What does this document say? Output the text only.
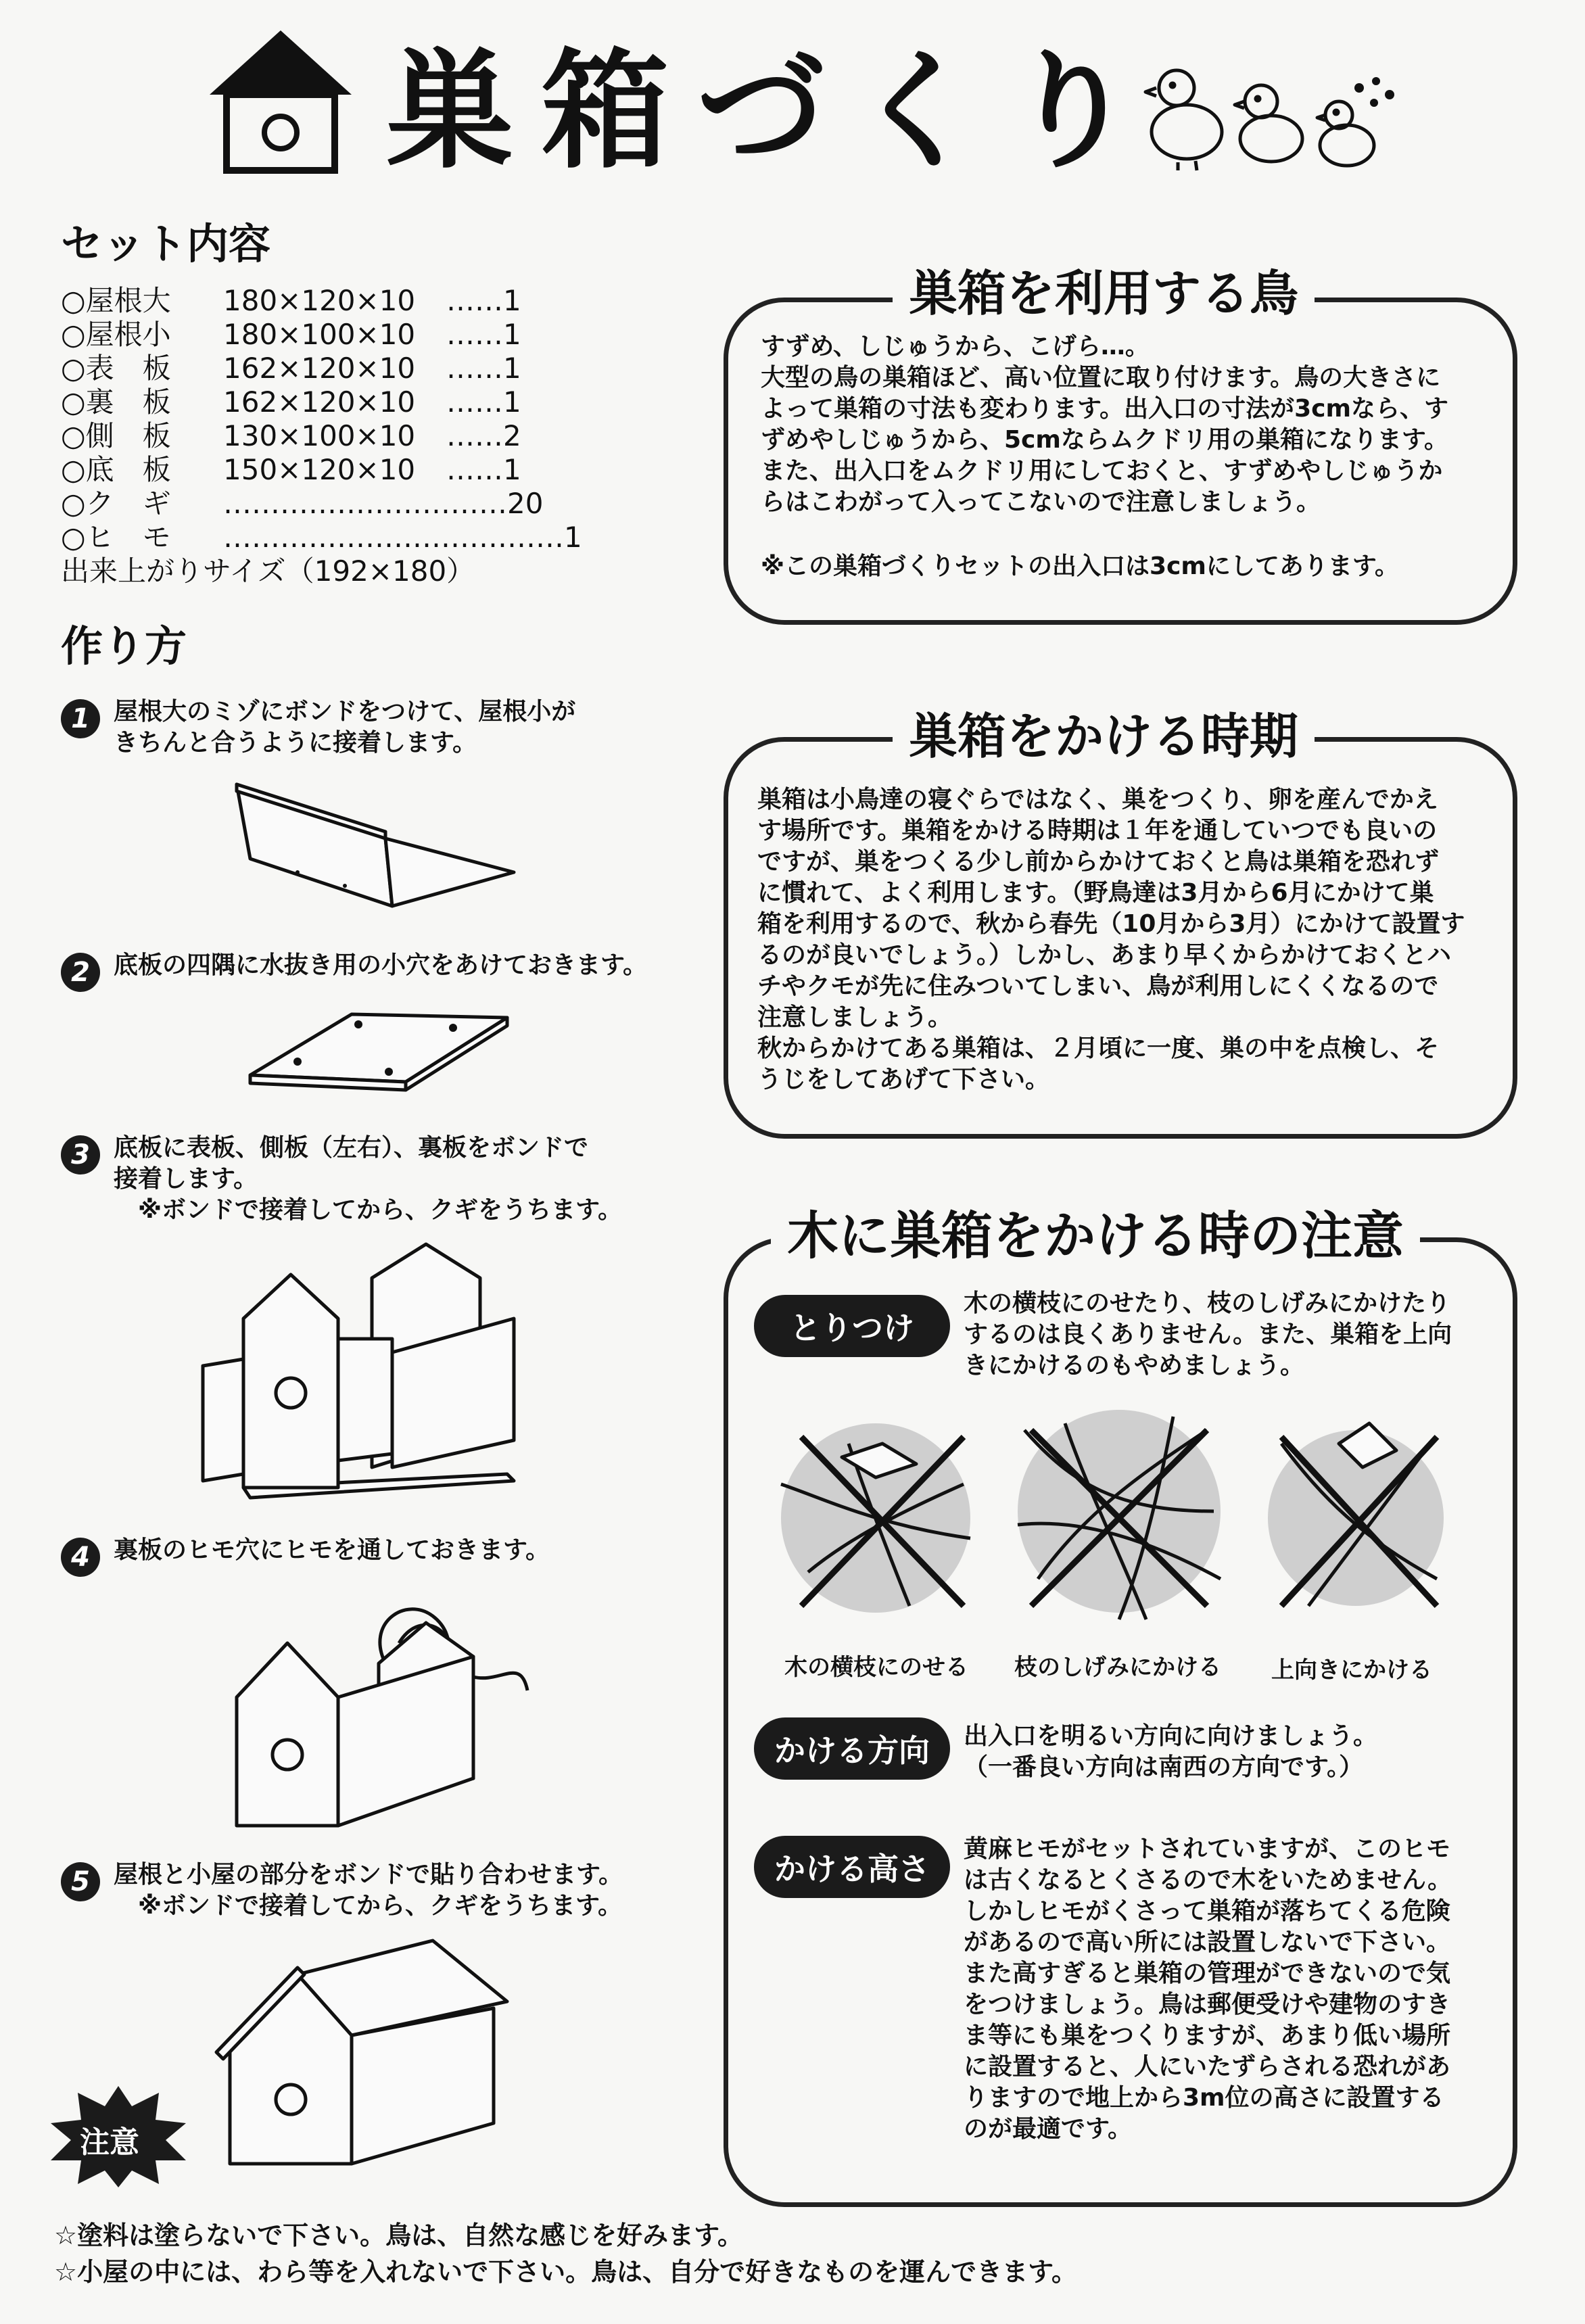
巣箱づくり
セット内容
○屋根大	180×120×10	……1
○屋根小	180×100×10	……1
○表　板	162×120×10	……1
○裏　板	162×120×10	……1
○側　板	130×100×10	……2
○底　板	150×120×10	……1
○ク　ギ	…………………………20
○ヒ　モ	………………………………1
出来上がりサイズ（192×180）
作り方
1 屋根大のミゾにボンドをつけて、屋根小が
きちんと合うように接着します。
2 底板の四隅に水抜き用の小穴をあけておきます。
3 底板に表板、側板（左右）、裏板をボンドで
接着します。
　※ボンドで接着してから、クギをうちます。
4 裏板のヒモ穴にヒモを通しておきます。
5 屋根と小屋の部分をボンドで貼り合わせます。
　※ボンドで接着してから、クギをうちます。
注意
☆塗料は塗らないで下さい。鳥は、自然な感じを好みます。
☆小屋の中には、わら等を入れないで下さい。鳥は、自分で好きなものを運んできます。
巣箱を利用する鳥
すずめ、しじゅうから、こげら…。
大型の鳥の巣箱ほど、高い位置に取り付けます。鳥の大きさに
よって巣箱の寸法も変わります。出入口の寸法が3cmなら、す
ずめやしじゅうから、5cmならムクドリ用の巣箱になります。
また、出入口をムクドリ用にしておくと、すずめやしじゅうか
らはこわがって入ってこないので注意しましょう。
※この巣箱づくりセットの出入口は3cmにしてあります。
巣箱をかける時期
巣箱は小鳥達の寝ぐらではなく、巣をつくり、卵を産んでかえ
す場所です。巣箱をかける時期は１年を通していつでも良いの
ですが、巣をつくる少し前からかけておくと鳥は巣箱を恐れず
に慣れて、よく利用します。（野鳥達は3月から6月にかけて巣
箱を利用するので、秋から春先（10月から3月）にかけて設置す
るのが良いでしょう。）しかし、あまり早くからかけておくとハ
チやクモが先に住みついてしまい、鳥が利用しにくくなるので
注意しましょう。
秋からかけてある巣箱は、２月頃に一度、巣の中を点検し、そ
うじをしてあげて下さい。
木に巣箱をかける時の注意
とりつけ
木の横枝にのせたり、枝のしげみにかけたり
するのは良くありません。また、巣箱を上向
きにかけるのもやめましょう。
木の横枝にのせる 枝のしげみにかける 上向きにかける
かける方向	出入口を明るい方向に向けましょう。
（一番良い方向は南西の方向です。）
かける高さ
黄麻ヒモがセットされていますが、このヒモ
は古くなるとくさるので木をいためません。
しかしヒモがくさって巣箱が落ちてくる危険
があるので高い所には設置しないで下さい。
また高すぎると巣箱の管理ができないので気
をつけましょう。鳥は郵便受けや建物のすき
ま等にも巣をつくりますが、あまり低い場所
に設置すると、人にいたずらされる恐れがあ
りますので地上から3m位の高さに設置する
のが最適です。
